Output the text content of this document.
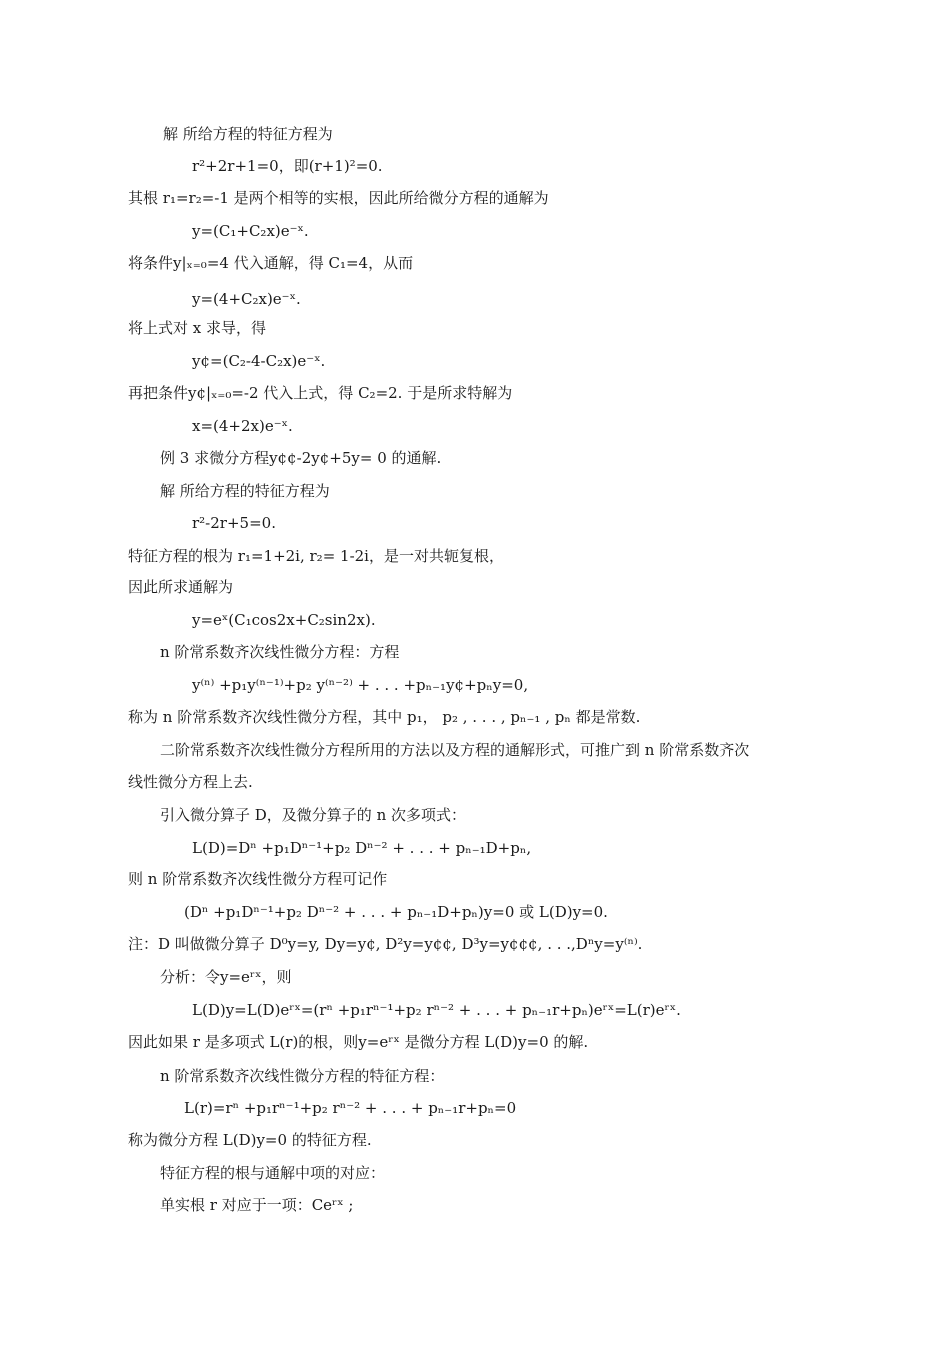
解 所给方程的特征方程为
r²+2r+1=0，即(r+1)²=0.
其根 r₁=r₂=-1 是两个相等的实根，因此所给微分方程的通解为
y=(C₁+C₂x)e⁻ˣ.
将条件y|ₓ₌₀=4 代入通解，得 C₁=4，从而
y=(4+C₂x)e⁻ˣ.
将上式对 x 求导，得
y¢=(C₂-4-C₂x)e⁻ˣ.
再把条件y¢|ₓ₌₀=-2 代入上式，得 C₂=2. 于是所求特解为
x=(4+2x)e⁻ˣ.
例 3 求微分方程y¢¢-2y¢+5y= 0 的通解.
解 所给方程的特征方程为
r²-2r+5=0.
特征方程的根为 r₁=1+2i, r₂= 1-2i，是一对共轭复根，
因此所求通解为
y=eˣ(C₁cos2x+C₂sin2x).
n 阶常系数齐次线性微分方程：方程
y⁽ⁿ⁾ +p₁y⁽ⁿ⁻¹⁾+p₂ y⁽ⁿ⁻²⁾ + . . . +pₙ₋₁y¢+pₙy=0,
称为 n 阶常系数齐次线性微分方程，其中 p₁， p₂ , . . . , pₙ₋₁ , pₙ 都是常数.
二阶常系数齐次线性微分方程所用的方法以及方程的通解形式，可推广到 n 阶常系数齐次
线性微分方程上去.
引入微分算子 D，及微分算子的 n 次多项式：
L(D)=Dⁿ +p₁Dⁿ⁻¹+p₂ Dⁿ⁻² + . . . + pₙ₋₁D+pₙ,
则 n 阶常系数齐次线性微分方程可记作
(Dⁿ +p₁Dⁿ⁻¹+p₂ Dⁿ⁻² + . . . + pₙ₋₁D+pₙ)y=0 或 L(D)y=0.
注：D 叫做微分算子 D⁰y=y, Dy=y¢, D²y=y¢¢, D³y=y¢¢¢, . . .,Dⁿy=y⁽ⁿ⁾.
分析：令y=eʳˣ，则
L(D)y=L(D)eʳˣ=(rⁿ +p₁rⁿ⁻¹+p₂ rⁿ⁻² + . . . + pₙ₋₁r+pₙ)eʳˣ=L(r)eʳˣ.
因此如果 r 是多项式 L(r)的根，则y=eʳˣ 是微分方程 L(D)y=0 的解.
n 阶常系数齐次线性微分方程的特征方程：
L(r)=rⁿ +p₁rⁿ⁻¹+p₂ rⁿ⁻² + . . . + pₙ₋₁r+pₙ=0
称为微分方程 L(D)y=0 的特征方程.
特征方程的根与通解中项的对应：
单实根 r 对应于一项：Ceʳˣ ;
